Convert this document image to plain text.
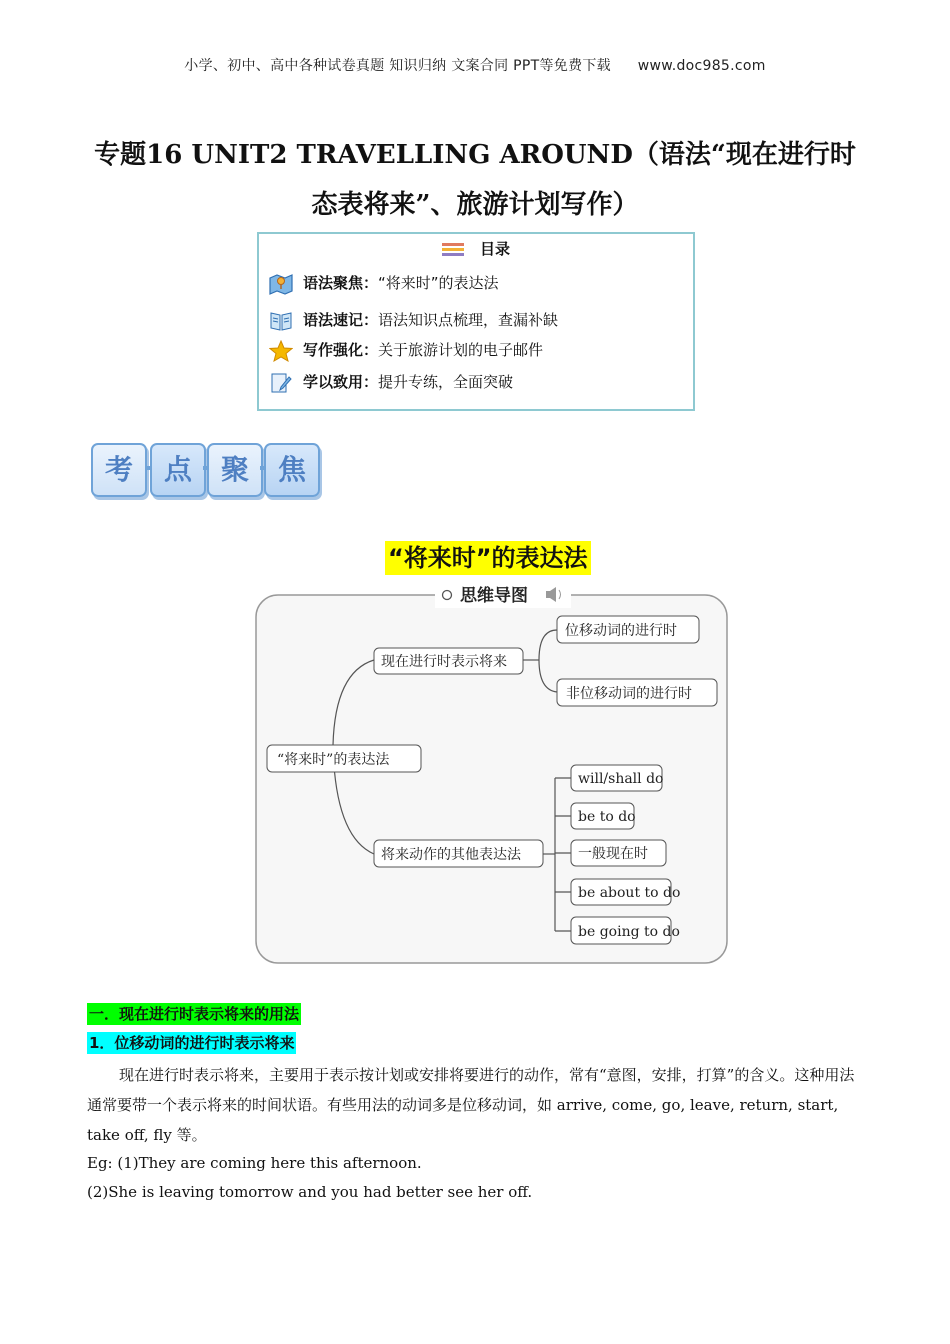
小学、初中、高中各种试卷真题 知识归纳 文案合同 PPT等免费下载 www.doc985.com
专题16 UNIT2 TRAVELLING AROUND（语法“现在进行时
态表将来”、旅游计划写作）
目录
语法聚焦：“将来时”的表达法
语法速记：语法知识点梳理，查漏补缺
写作强化：关于旅游计划的电子邮件
学以致用：提升专练，全面突破
考	点	聚	焦
“将来时”的表达法
思维导图
“将来时”的表达法
现在进行时表示将来
将来动作的其他表达法
位移动词的进行时
非位移动词的进行时
will/shall do
be to do
一般现在时
be about to do
be going to do
一．现在进行时表示将来的用法
1．位移动词的进行时表示将来
现在进行时表示将来，主要用于表示按计划或安排将要进行的动作，常有“意图，安排，打算”的含义。这种用法通常要带一个表示将来的时间状语。有些用法的动词多是位移动词，如 arrive, come, go, leave, return, start, take off, fly 等。
Eg: (1)They are coming here this afternoon.
(2)She is leaving tomorrow and you had better see her off.
